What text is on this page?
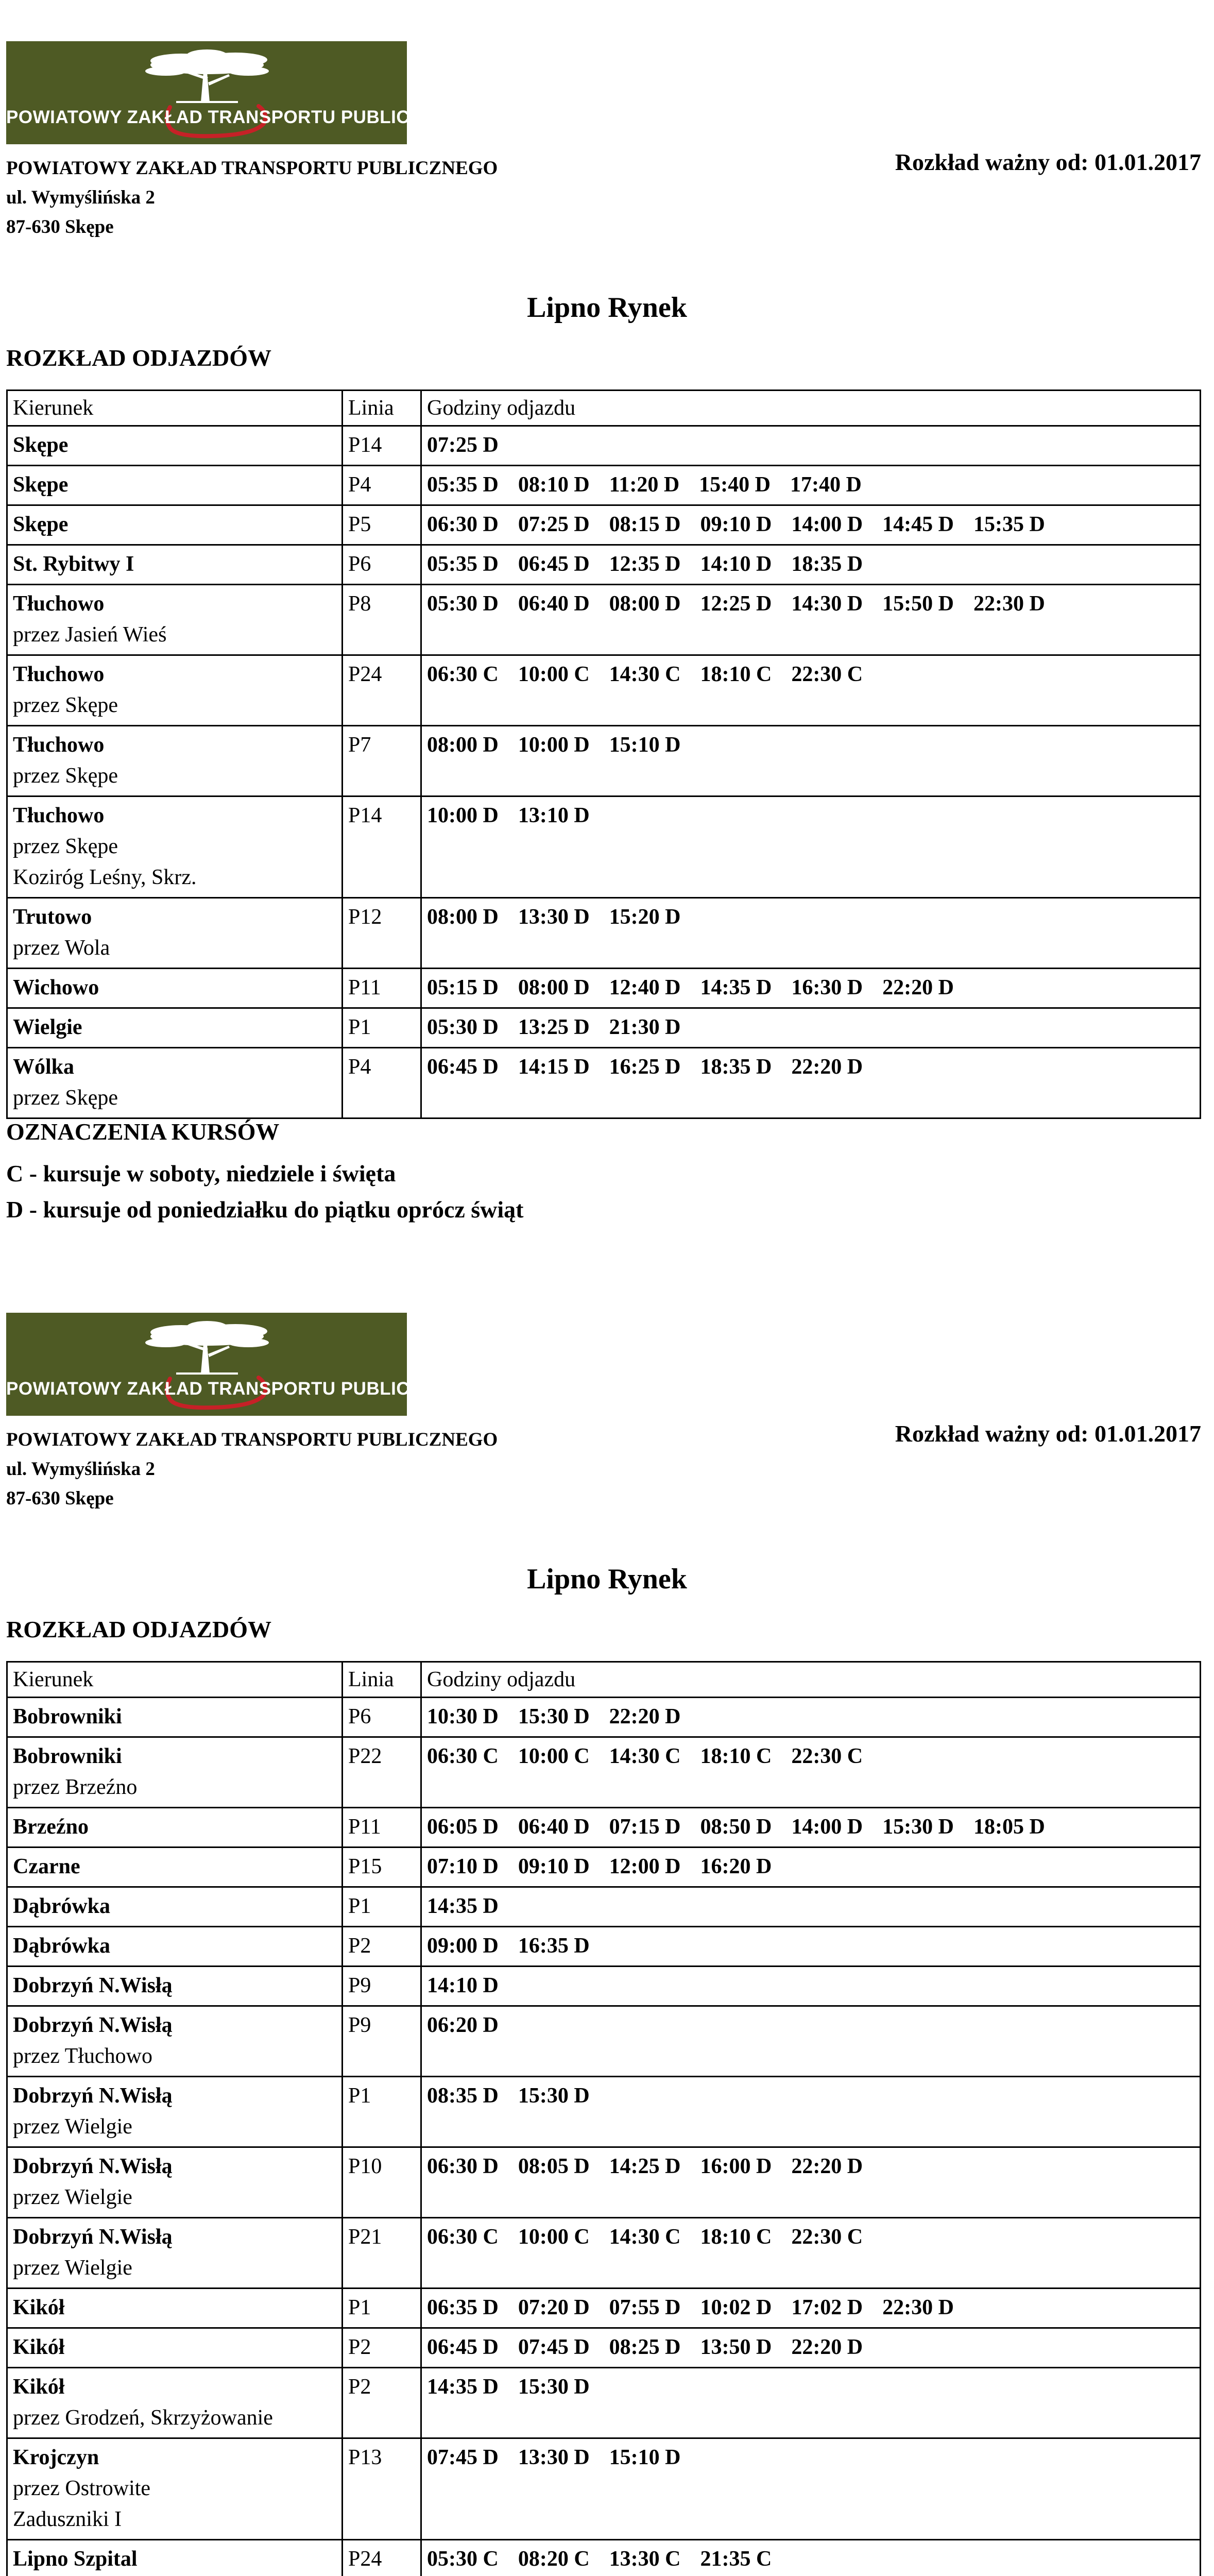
POWIATOWY ZAKŁAD TRANSPORTU PUBLICZNEGO
POWIATOWY ZAKŁAD TRANSPORTU PUBLICZNEGO
ul. Wymyślińska 2
87-630 Skępe
Rozkład ważny od: 01.01.2017
Lipno Rynek
ROZKŁAD ODJAZDÓW
Kierunek	Linia	Godziny odjazdu

Skępe	P14	07:25 D

Skępe	P4	05:35 D 08:10 D 11:20 D 15:40 D 17:40 D

Skępe	P5	06:30 D 07:25 D 08:15 D 09:10 D 14:00 D 14:45 D 15:35 D

St. Rybitwy I	P6	05:35 D 06:45 D 12:35 D 14:10 D 18:35 D

Tłuchowo
przez Jasień Wieś	P8	05:30 D 06:40 D 08:00 D 12:25 D 14:30 D 15:50 D 22:30 D

Tłuchowo
przez Skępe	P24	06:30 C 10:00 C 14:30 C 18:10 C 22:30 C

Tłuchowo
przez Skępe	P7	08:00 D 10:00 D 15:10 D

Tłuchowo
przez Skępe
Koziróg Leśny, Skrz.	P14	10:00 D 13:10 D

Trutowo
przez Wola	P12	08:00 D 13:30 D 15:20 D

Wichowo	P11	05:15 D 08:00 D 12:40 D 14:35 D 16:30 D 22:20 D

Wielgie	P1	05:30 D 13:25 D 21:30 D

Wólka
przez Skępe	P4	06:45 D 14:15 D 16:25 D 18:35 D 22:20 D
OZNACZENIA KURSÓW
C - kursuje w soboty, niedziele i święta
D - kursuje od poniedziałku do piątku oprócz świąt
POWIATOWY ZAKŁAD TRANSPORTU PUBLICZNEGO
POWIATOWY ZAKŁAD TRANSPORTU PUBLICZNEGO
ul. Wymyślińska 2
87-630 Skępe
Rozkład ważny od: 01.01.2017
Lipno Rynek
ROZKŁAD ODJAZDÓW
Kierunek	Linia	Godziny odjazdu

Bobrowniki	P6	10:30 D 15:30 D 22:20 D

Bobrowniki
przez Brzeźno	P22	06:30 C 10:00 C 14:30 C 18:10 C 22:30 C

Brzeźno	P11	06:05 D 06:40 D 07:15 D 08:50 D 14:00 D 15:30 D 18:05 D

Czarne	P15	07:10 D 09:10 D 12:00 D 16:20 D

Dąbrówka	P1	14:35 D

Dąbrówka	P2	09:00 D 16:35 D

Dobrzyń N.Wisłą	P9	14:10 D

Dobrzyń N.Wisłą
przez Tłuchowo	P9	06:20 D

Dobrzyń N.Wisłą
przez Wielgie	P1	08:35 D 15:30 D

Dobrzyń N.Wisłą
przez Wielgie	P10	06:30 D 08:05 D 14:25 D 16:00 D 22:20 D

Dobrzyń N.Wisłą
przez Wielgie	P21	06:30 C 10:00 C 14:30 C 18:10 C 22:30 C

Kikół	P1	06:35 D 07:20 D 07:55 D 10:02 D 17:02 D 22:30 D

Kikół	P2	06:45 D 07:45 D 08:25 D 13:50 D 22:20 D

Kikół
przez Grodzeń, Skrzyżowanie	P2	14:35 D 15:30 D

Krojczyn
przez Ostrowite
Zaduszniki I	P13	07:45 D 13:30 D 15:10 D

Lipno Szpital	P24	05:30 C 08:20 C 13:30 C 21:35 C
